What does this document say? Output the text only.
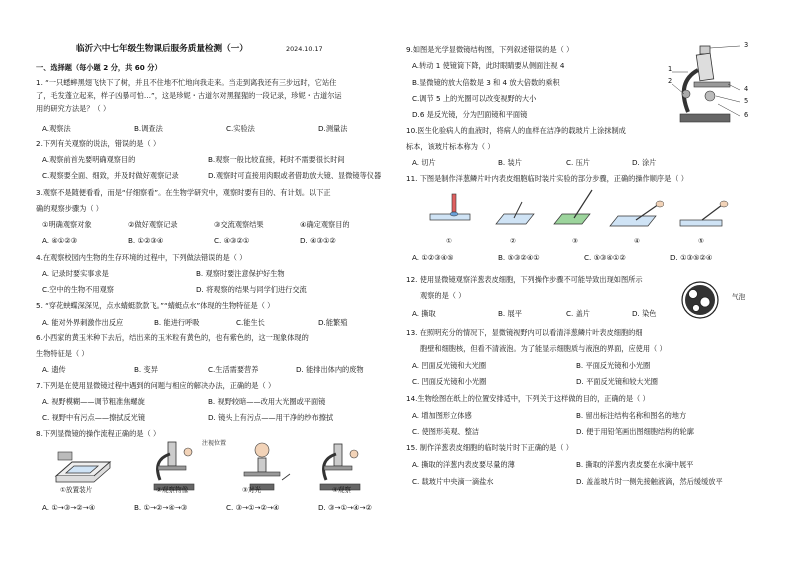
临沂六中七年级生物课后服务质量检测（一）	2024.10.17
一、选择题（每小题 2 分，共 60 分）
1. “一只蟋蟀黑翅飞快下了树，并且不住地不忙地向我走来。当走到离我还有三步远时，它站住
了，毛发蓬立起来，样子凶暴可怕…”，这是珍妮・古道尔对黑猩猩的一段记录，珍妮・古道尔运
用的研究方法是？（ ）
A.观察法	B.调查法	C.实验法	D.测量法
2.下列有关观察的说法，错误的是（ ）
A.观察前首先要明确观察目的	B.观察一般比较直接，耗时不需要很长时间
C.观察要全面、细致，并及时做好观察记录	D.观察时可直接用肉眼或者借助放大镜、显微镜等仪器
3.观察不是随便看看，而是“仔细察看”。在生物学研究中，观察时要有目的、有计划。以下正
确的观察步骤为（ ）
①明确观察对象	②做好观察记录	③交流观察结果	④确定观察目的
A. ④①②③	B. ①②③④	C. ④③②①	D. ④③①②
4.在观察校园内生物的生存环境的过程中，下列做法错误的是（ ）
A. 记录时要实事求是	B. 观察时要注意保护好生物
C.空中的生物不用观察	D. 将观察的结果与同学们进行交流
5. “穿花蛱蝶深深见，点水蜻蜓款款飞。”“蜻蜓点水”体现的生物特征是（ ）
A. 能对外界刺激作出反应	B. 能进行呼吸	C.能生长	D.能繁殖
6.小西家的黄玉米种下去后，结出来的玉米粒有黄色的，也有紫色的，这一现象体现的
生物特征是（ ）
A. 遗传	B. 变异	C.生活需要营养	D. 能排出体内的废物
7.下列是在使用显微镜过程中遇到的问题与相应的解决办法，正确的是（ ）
A. 视野模糊——调节粗准焦螺旋	B. 视野较暗——改用大光圈或平面镜
C. 视野中有污点——擦拭反光镜	D. 镜头上有污点——用干净的纱布擦拭
8.下列显微镜的操作流程正确的是（ ）
①放置装片
注视位置
②观察物像	③对光	④观察
A. ①→③→②→④	B. ①→②→④→③	C. ③→①→②→④	D. ③→①→④→②
9.如图是光学显微镜结构图，下列叙述错误的是（ ）
A.转动 1 使镜筒下降，此时眼睛要从侧面注视 4
B.显微镜的放大倍数是 3 和 4 放大倍数的乘积
C.调节 5 上的光圈可以改变视野的大小
D.6 是反光镜，分为凹面镜和平面镜
1
2
3
4
5
6
10.医生化验病人的血液时，将病人的血样在洁净的载玻片上涂抹制成
标本，该玻片标本称为（ ）
A. 切片	B. 装片	C. 压片	D. 涂片
11. 下图是制作洋葱鳞片叶内表皮细胞临时装片实验的部分步骤，正确的操作顺序是（ ）
①	②	③	④	⑤
A. ①②③④⑤	B. ⑤③②④①	C. ⑤③④①②	D. ①③⑤②④
12. 使用显微镜观察洋葱表皮细胞，下列操作步骤不可能导致出现如图所示
观察的是（ ）
A. 撕取	B. 展平	C. 盖片	D. 染色
气泡
13. 在照明充分的情况下，显微镜视野内可以看清洋葱鳞片叶表皮细胞的细
胞壁和细胞核，但看不清液泡。为了能显示细胞质与液泡的界面，应使用（ ）
A. 凹面反光镜和大光圈	B. 平面反光镜和小光圈
C. 凹面反光镜和小光圈	D. 平面反光镜和较大光圈
14.生物绘图在纸上的位置安排适中，下列关于这样做的目的，正确的是（ ）
A. 增加图形立体感	B. 留出标注结构名称和图名的地方
C. 使图形美观、整洁	D. 便于用铅笔画出图细胞结构的轮廓
15. 制作洋葱表皮细胞的临时装片时下正确的是（ ）
A. 撕取的洋葱内表皮要尽量的薄	B. 撕取的洋葱内表皮要在水滴中展平
C. 载玻片中央滴一滴盐水	D. 盖盖玻片时一侧先接触液滴，然后缓缓放平
